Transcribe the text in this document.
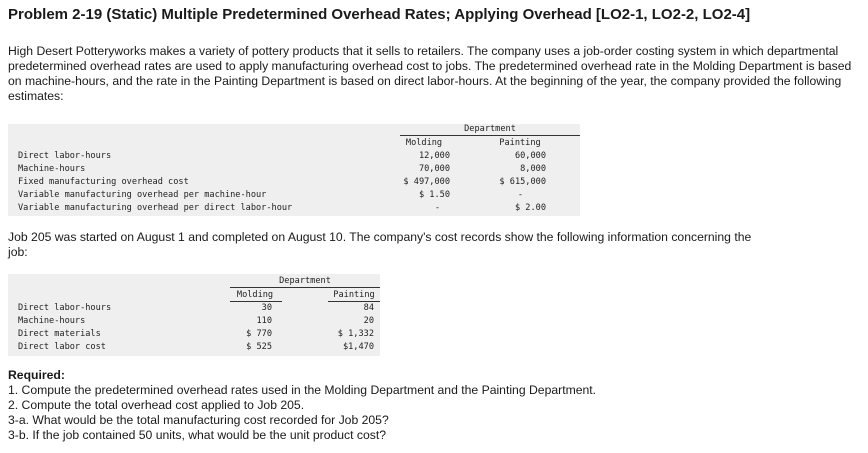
Problem 2-19 (Static) Multiple Predetermined Overhead Rates; Applying Overhead [LO2-1, LO2-2, LO2-4]
High Desert Potteryworks makes a variety of pottery products that it sells to retailers. The company uses a job-order costing system in which departmental predetermined overhead rates are used to apply manufacturing overhead cost to jobs. The predetermined overhead rate in the Molding Department is based on machine-hours, and the rate in the Painting Department is based on direct labor-hours. At the beginning of the year, the company provided the following estimates:
Department
Molding	Painting
Direct labor-hours	12,000	60,000
Machine-hours	70,000	8,000
Fixed manufacturing overhead cost	$ 497,000	$ 615,000
Variable manufacturing overhead per machine-hour	$ 1.50	-
Variable manufacturing overhead per direct labor-hour	-	$ 2.00
Job 205 was started on August 1 and completed on August 10. The company's cost records show the following information concerning the job:
Department
Molding	Painting
Direct labor-hours	30	84
Machine-hours	110	20
Direct materials	$ 770	$ 1,332
Direct labor cost	$ 525	$1,470
Required:
1. Compute the predetermined overhead rates used in the Molding Department and the Painting Department.
2. Compute the total overhead cost applied to Job 205.
3-a. What would be the total manufacturing cost recorded for Job 205?
3-b. If the job contained 50 units, what would be the unit product cost?
